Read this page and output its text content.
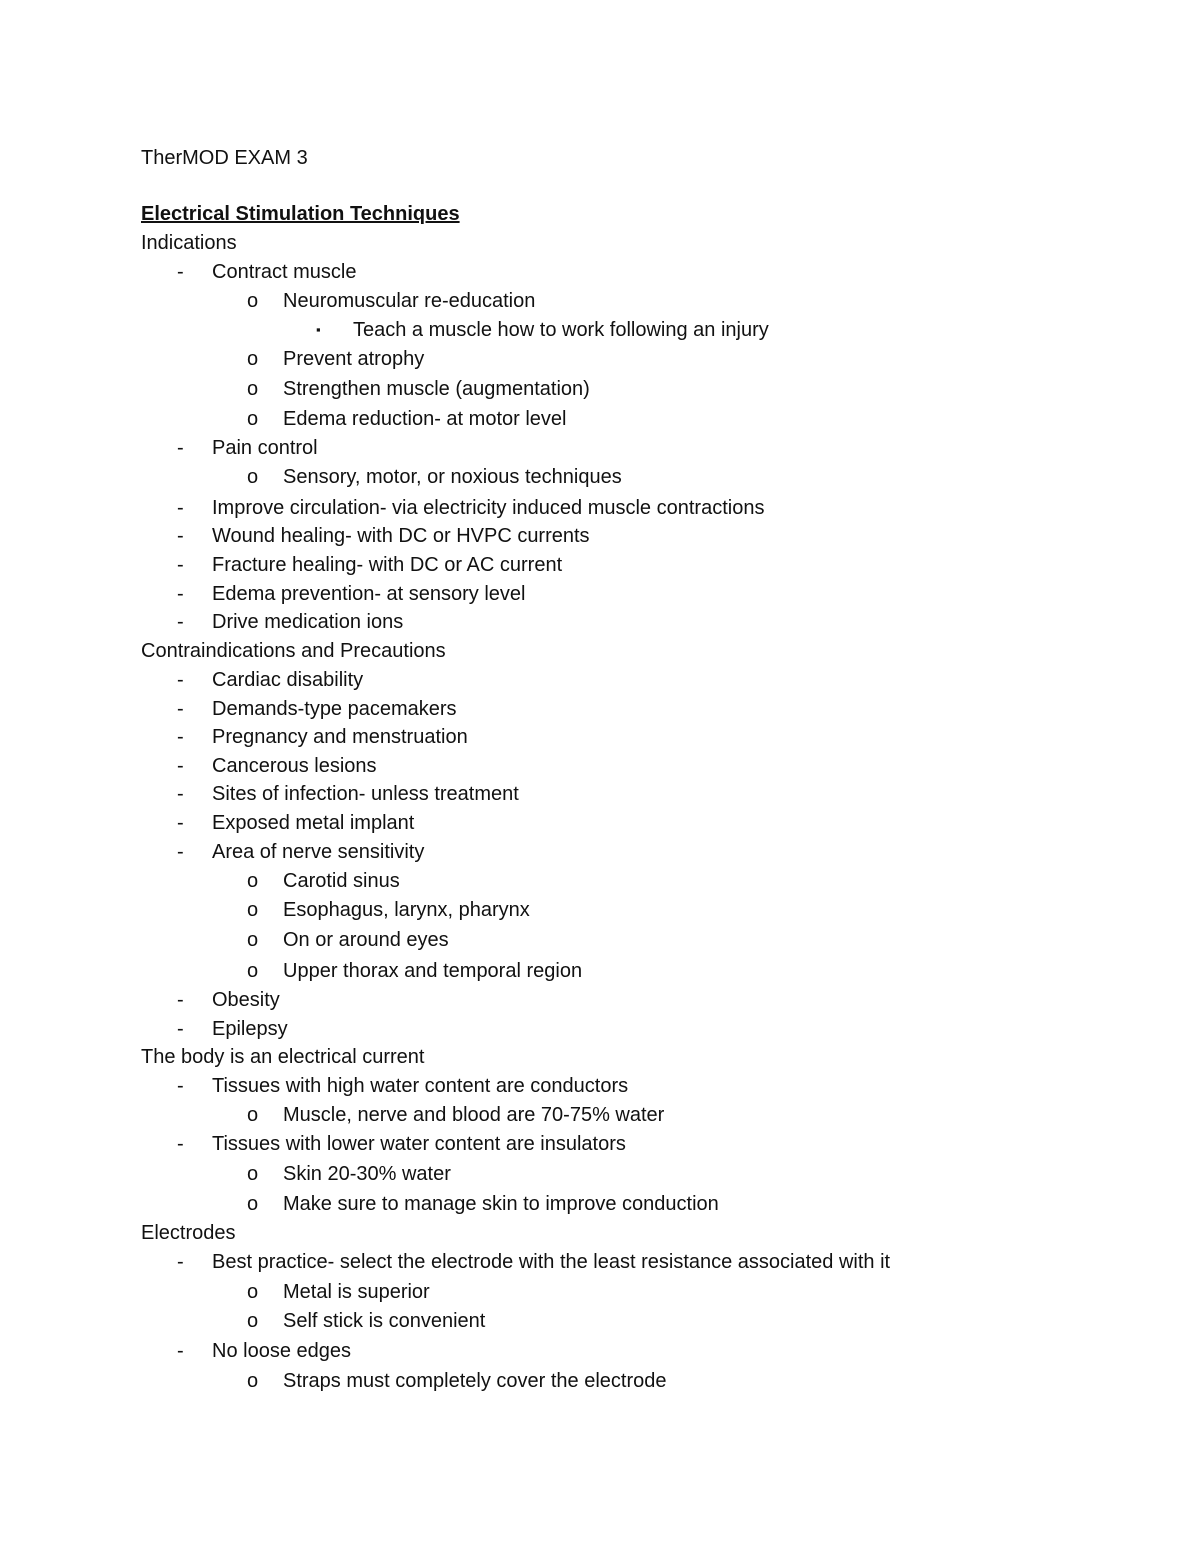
TherMOD EXAM 3
Electrical Stimulation Techniques
Indications
- Contract muscle
o Neuromuscular re-education
▪ Teach a muscle how to work following an injury
o Prevent atrophy
o Strengthen muscle (augmentation)
o Edema reduction- at motor level
- Pain control
o Sensory, motor, or noxious techniques
- Improve circulation- via electricity induced muscle contractions
- Wound healing- with DC or HVPC currents
- Fracture healing- with DC or AC current
- Edema prevention- at sensory level
- Drive medication ions
Contraindications and Precautions
- Cardiac disability
- Demands-type pacemakers
- Pregnancy and menstruation
- Cancerous lesions
- Sites of infection- unless treatment
- Exposed metal implant
- Area of nerve sensitivity
o Carotid sinus
o Esophagus, larynx, pharynx
o On or around eyes
o Upper thorax and temporal region
- Obesity
- Epilepsy
The body is an electrical current
- Tissues with high water content are conductors
o Muscle, nerve and blood are 70-75% water
- Tissues with lower water content are insulators
o Skin 20-30% water
o Make sure to manage skin to improve conduction
Electrodes
- Best practice- select the electrode with the least resistance associated with it
o Metal is superior
o Self stick is convenient
- No loose edges
o Straps must completely cover the electrode
